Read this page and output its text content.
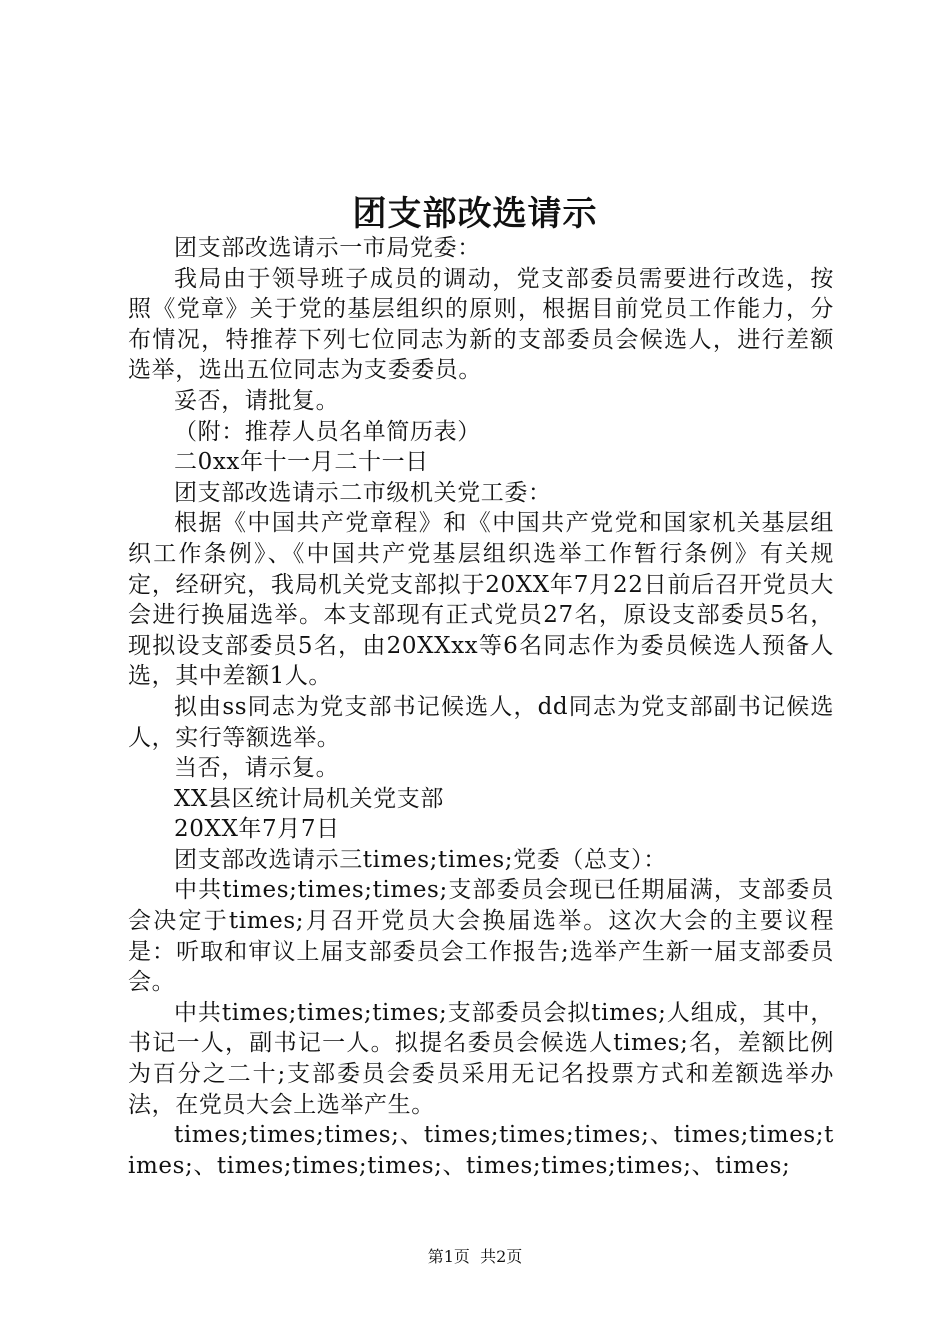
团支部改选请示

团支部改选请示一市局党委：

我局由于领导班子成员的调动，党支部委员需要进行改选，按照《党章》关于党的基层组织的原则，根据目前党员工作能力，分布情况，特推荐下列七位同志为新的支部委员会候选人，进行差额选举，选出五位同志为支委委员。

妥否，请批复。

（附：推荐人员名单简历表）

二0xx年十一月二十一日

团支部改选请示二市级机关党工委：

根据《中国共产党章程》和《中国共产党党和国家机关基层组织工作条例》、《中国共产党基层组织选举工作暂行条例》有关规定，经研究，我局机关党支部拟于20XX年7月22日前后召开党员大会进行换届选举。本支部现有正式党员27名，原设支部委员5名，现拟设支部委员5名，由20XXxx等6名同志作为委员候选人预备人选，其中差额1人。

拟由ss同志为党支部书记候选人，dd同志为党支部副书记候选人，实行等额选举。

当否，请示复。

XX县区统计局机关党支部

20XX年7月7日

团支部改选请示三times;times;党委（总支）：

中共times;times;times;支部委员会现已任期届满，支部委员会决定于times;月召开党员大会换届选举。这次大会的主要议程是：听取和审议上届支部委员会工作报告;选举产生新一届支部委员会。

中共times;times;times;支部委员会拟times;人组成，其中，书记一人，副书记一人。拟提名委员会候选人times;名，差额比例为百分之二十;支部委员会委员采用无记名投票方式和差额选举办法，在党员大会上选举产生。

times;times;times;、times;times;times;、times;times;times;、times;times;times;、times;times;times;、times;

第1页 共2页
